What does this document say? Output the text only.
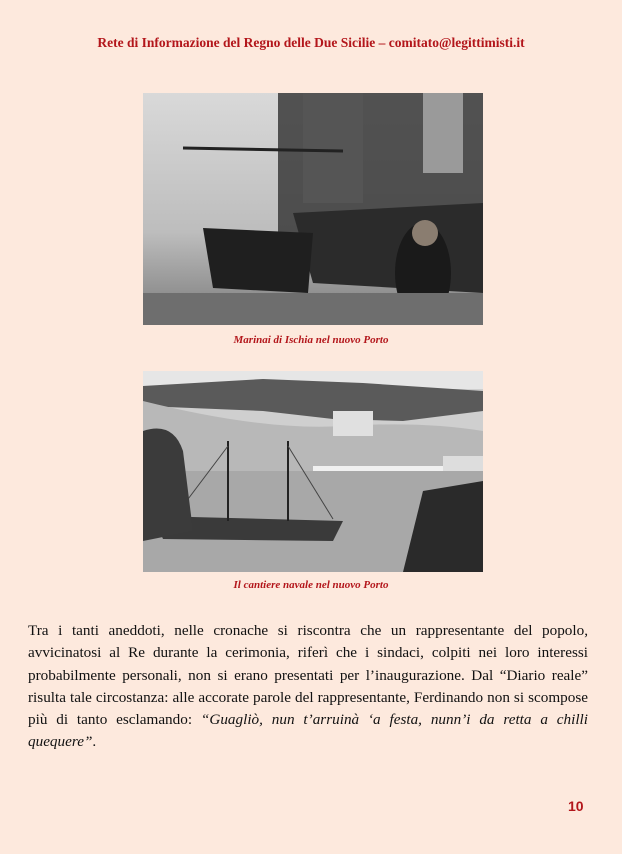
Rete di Informazione del Regno delle Due Sicilie – comitato@legittimisti.it
Marinai di Ischia nel nuovo Porto
Il cantiere navale nel nuovo Porto
Tra i tanti aneddoti, nelle cronache si riscontra che un rappresentante del popolo, avvicinatosi al Re durante la cerimonia, riferì che i sindaci, colpiti nei loro interessi probabilmente personali, non si erano presentati per l’inaugurazione. Dal “Diario reale” risulta tale circostanza: alle accorate parole del rappresentante, Ferdinando non si scompose più di tanto esclamando: “Guagliò, nun t’arruinà ‘a festa, nunn’i da retta a chilli quequere”.
10
